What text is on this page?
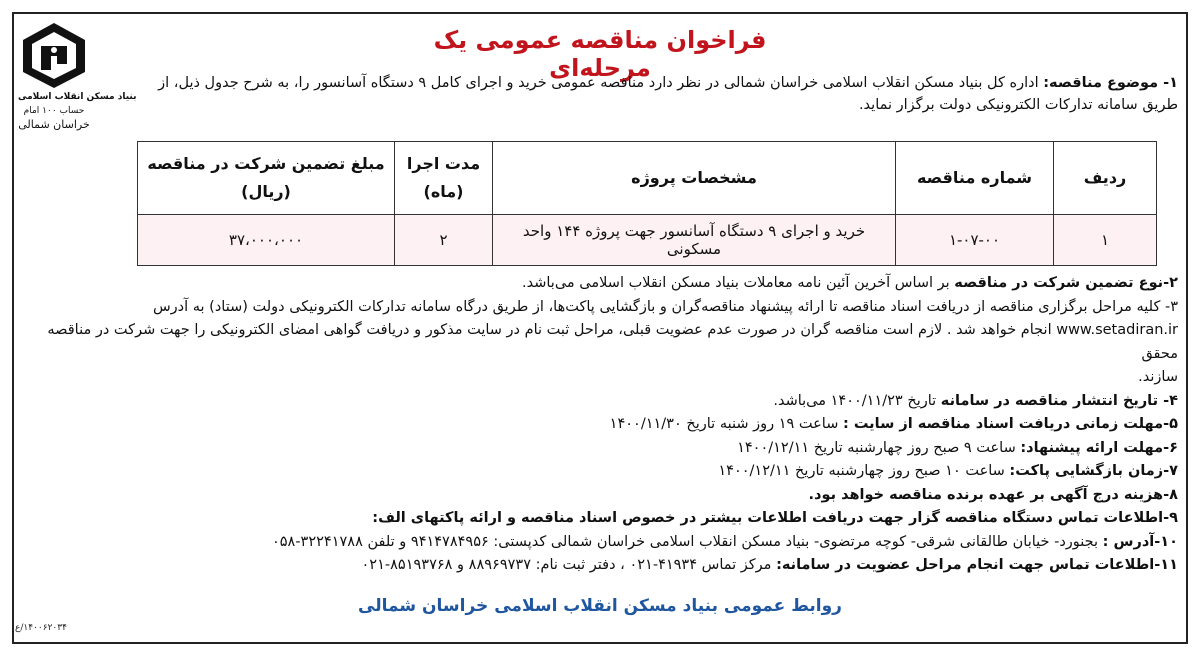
بنیاد مسکن انقلاب اسلامی
حساب ۱۰۰ امام
خراسان شمالی
فراخوان مناقصه عمومی یک مرحله‌ای
۱- موضوع مناقصه: اداره کل بنیاد مسکن انقلاب اسلامی خراسان شمالی در نظر دارد مناقصه عمومی خرید و اجرای کامل ۹ دستگاه آسانسور را، به شرح جدول ذیل، از
طریق سامانه تدارکات الکترونیکی دولت برگزار نماید.
ردیف	شماره مناقصه	مشخصات پروژه	مدت اجرا (ماه)	مبلغ تضمین شرکت در مناقصه (ریال)
۱	۱-۰۷-۰۰	خرید و اجرای ۹ دستگاه آسانسور جهت پروژه ۱۴۴ واحد مسکونی	۲	۳۷،۰۰۰،۰۰۰
۲-نوع تضمین شرکت در مناقصه بر اساس آخرین آئین نامه معاملات بنیاد مسکن انقلاب اسلامی می‌باشد.
۳- کلیه مراحل برگزاری مناقصه از دریافت اسناد مناقصه تا ارائه پیشنهاد مناقصه‌گران و بازگشایی پاکت‌ها، از طریق درگاه سامانه تدارکات الکترونیکی دولت (ستاد) به آدرس
www.setadiran.ir انجام خواهد شد . لازم است مناقصه گران در صورت عدم عضویت قبلی، مراحل ثبت نام در سایت مذکور و دریافت گواهی امضای الکترونیکی را جهت شرکت در مناقصه محقق
سازند.
۴- تاریخ انتشار مناقصه در سامانه تاریخ ۱۴۰۰/۱۱/۲۳ می‌باشد.
۵-مهلت زمانی دریافت اسناد مناقصه از سایت : ساعت ۱۹ روز شنبه تاریخ ۱۴۰۰/۱۱/۳۰
۶-مهلت ارائه پیشنهاد: ساعت ۹ صبح روز چهارشنبه تاریخ ۱۴۰۰/۱۲/۱۱
۷-زمان بازگشایی پاکت: ساعت ۱۰ صبح روز چهارشنبه تاریخ ۱۴۰۰/۱۲/۱۱
۸-هزینه درج آگهی بر عهده برنده مناقصه خواهد بود.
۹-اطلاعات تماس دستگاه مناقصه گزار جهت دریافت اطلاعات بیشتر در خصوص اسناد مناقصه و ارائه پاکتهای الف:
۱۰-آدرس : بجنورد- خیابان طالقانی شرقی- کوچه مرتضوی- بنیاد مسکن انقلاب اسلامی خراسان شمالی کدپستی: ۹۴۱۴۷۸۴۹۵۶ و تلفن ۳۲۲۴۱۷۸۸-۰۵۸
۱۱-اطلاعات تماس جهت انجام مراحل عضویت در سامانه: مرکز تماس ۴۱۹۳۴-۰۲۱ ، دفتر ثبت نام: ۸۸۹۶۹۷۳۷ و ۸۵۱۹۳۷۶۸-۰۲۱
روابط عمومی بنیاد مسکن انقلاب اسلامی خراسان شمالی
۱۴۰۰۶۲۰۳۴/ع
